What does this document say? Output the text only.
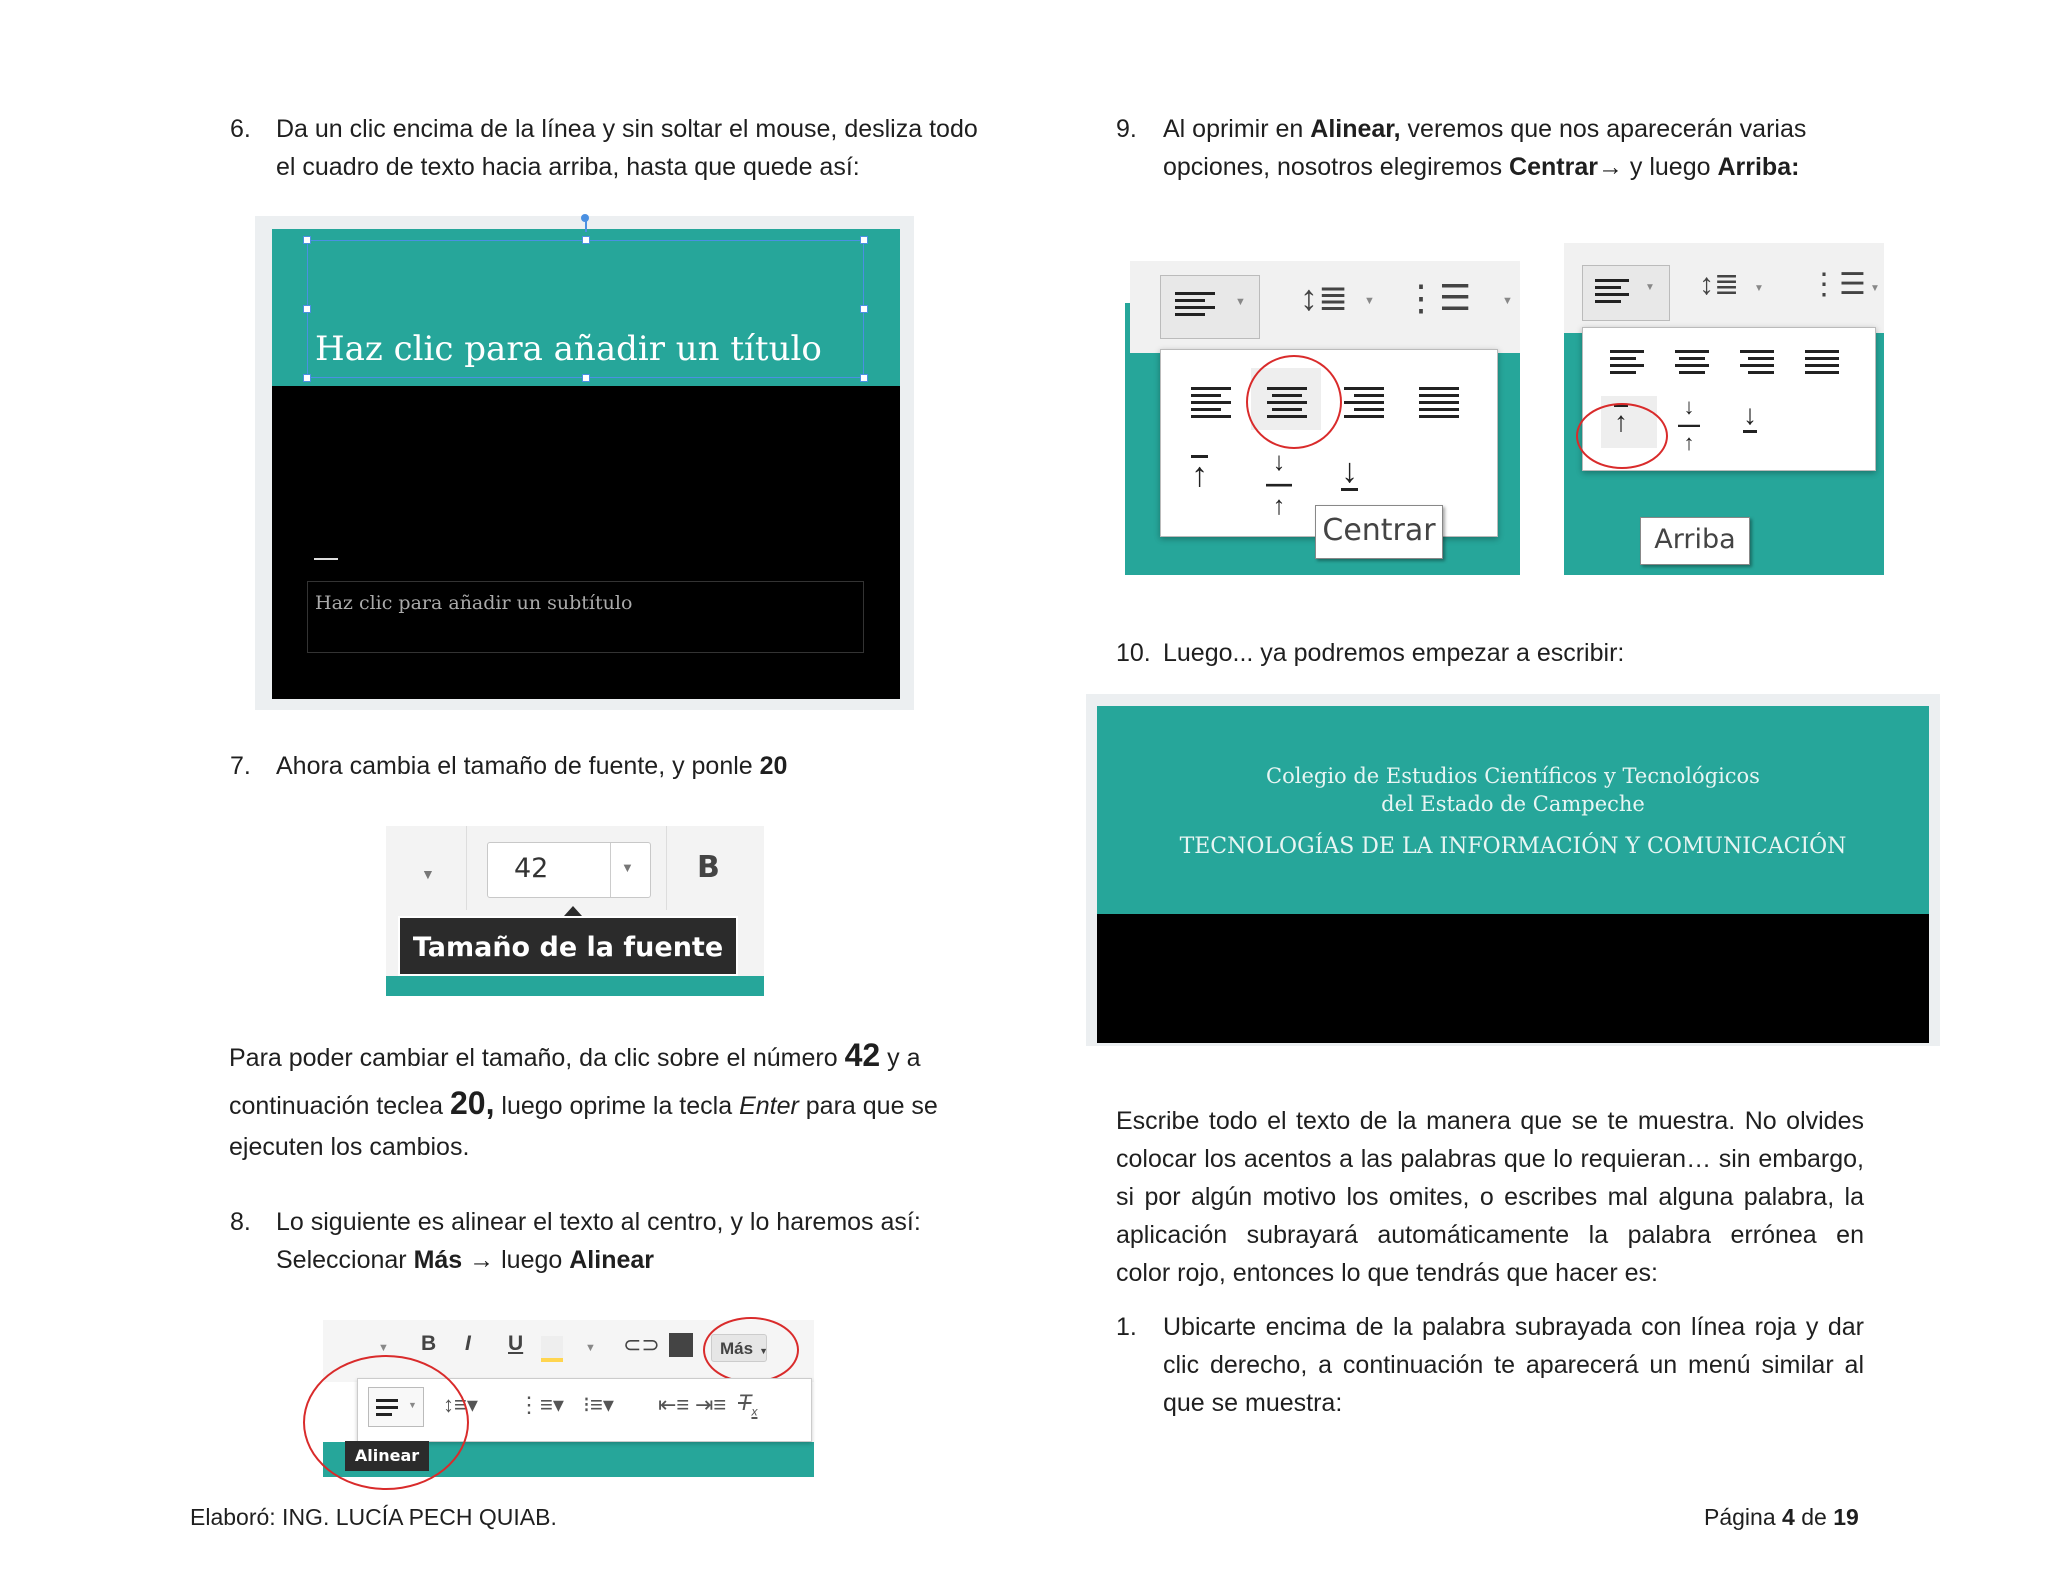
6. Da un clic encima de la línea y sin soltar el mouse, desliza todo
el cuadro de texto hacia arriba, hasta que quede así:
Haz clic para añadir un título
Haz clic para añadir un subtítulo
7. Ahora cambia el tamaño de fuente, y ponle 20
▼	42	▼ B
Tamaño de la fuente
Para poder cambiar el tamaño, da clic sobre el número 42 y a
continuación teclea 20, luego oprime la tecla Enter para que se
ejecuten los cambios.
8. Lo siguiente es alinear el texto al centro, y lo haremos así:
Seleccionar Más → luego Alinear
▼ B I U	▼ ⊂⊃	Más ▼
▼ ↕≡▾ ⋮≡▾ ⁝≡▾ ⇤≡ ⇥≡ $T_x$
Alinear
9. Al oprimir en Alinear, veremos que nos aparecerán varias
opciones, nosotros elegiremos Centrar→ y luego Arriba:
▼ ↕≣ ▼ ⋮☰	▼
↑ ↓
—
↑
↓
Centrar
▼ ↕≣ ▼ ⋮☰ ▼
↑	↓
—
↑
↓
Arriba
10. Luego... ya podremos empezar a escribir:
Colegio de Estudios Científicos y Tecnológicos
del Estado de Campeche
TECNOLOGÍAS DE LA INFORMACIÓN Y COMUNICACIÓN
Escribe todo el texto de la manera que se te muestra. No olvides
colocar los acentos a las palabras que lo requieran… sin embargo,
si por algún motivo los omites, o escribes mal alguna palabra, la
aplicación subrayará automáticamente la palabra errónea en
color rojo, entonces lo que tendrás que hacer es:
1. Ubicarte encima de la palabra subrayada con línea roja y dar
clic derecho, a continuación te aparecerá un menú similar al
que se muestra:
Elaboró: ING. LUCÍA PECH QUIAB.	Página 4 de 19
